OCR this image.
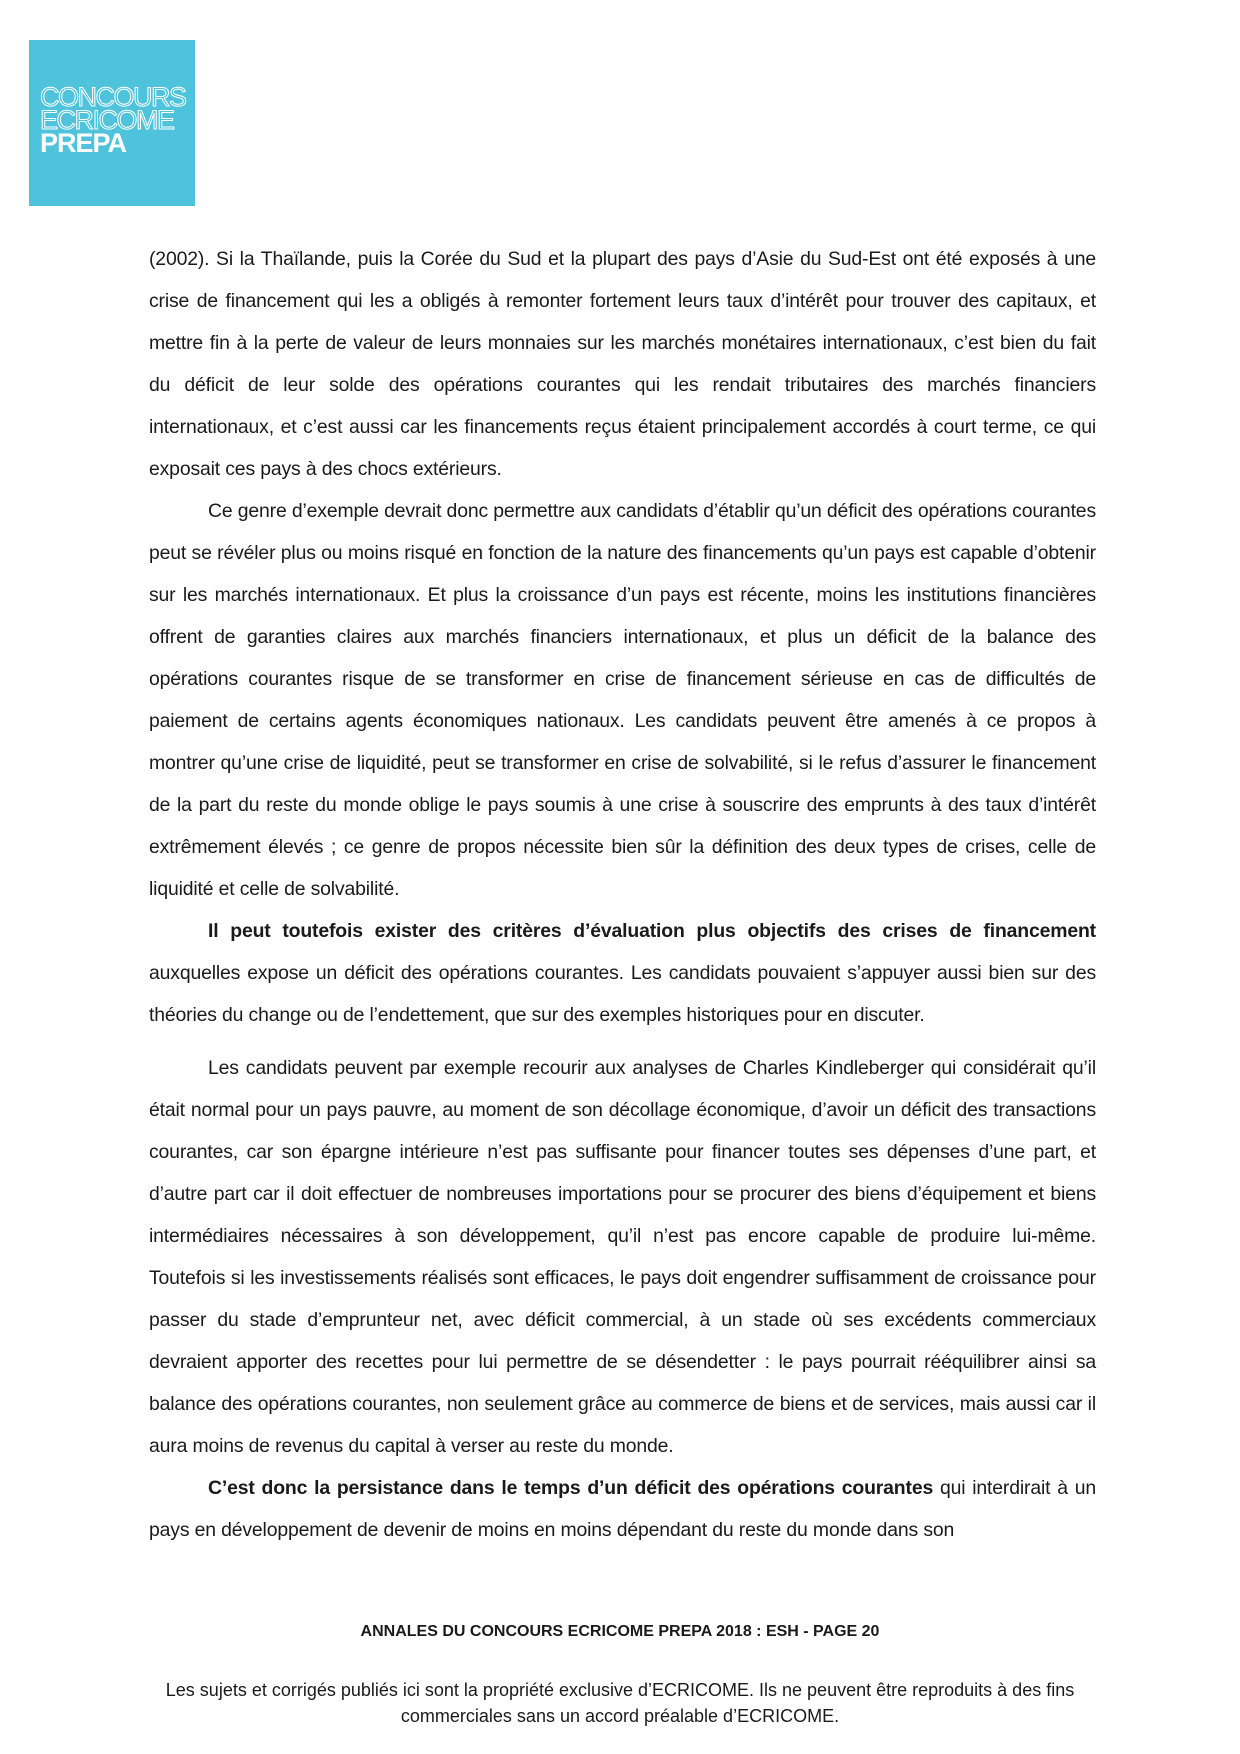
CONCOURS
ECRICOME
PREPA

(2002). Si la Thaïlande, puis la Corée du Sud et la plupart des pays d’Asie du Sud-Est ont été exposés à une crise de financement qui les a obligés à remonter fortement leurs taux d’intérêt pour trouver des capitaux, et mettre fin à la perte de valeur de leurs monnaies sur les marchés monétaires internationaux, c’est bien du fait du déficit de leur solde des opérations courantes qui les rendait tributaires des marchés financiers internationaux, et c’est aussi car les financements reçus étaient principalement accordés à court terme, ce qui exposait ces pays à des chocs extérieurs.

Ce genre d’exemple devrait donc permettre aux candidats d’établir qu’un déficit des opérations courantes peut se révéler plus ou moins risqué en fonction de la nature des financements qu’un pays est capable d’obtenir sur les marchés internationaux. Et plus la croissance d’un pays est récente, moins les institutions financières offrent de garanties claires aux marchés financiers internationaux, et plus un déficit de la balance des opérations courantes risque de se transformer en crise de financement sérieuse en cas de difficultés de paiement de certains agents économiques nationaux. Les candidats peuvent être amenés à ce propos à montrer qu’une crise de liquidité, peut se transformer en crise de solvabilité, si le refus d’assurer le financement de la part du reste du monde oblige le pays soumis à une crise à souscrire des emprunts à des taux d’intérêt extrêmement élevés ; ce genre de propos nécessite bien sûr la définition des deux types de crises, celle de liquidité et celle de solvabilité.

Il peut toutefois exister des critères d’évaluation plus objectifs des crises de financement auxquelles expose un déficit des opérations courantes. Les candidats pouvaient s’appuyer aussi bien sur des théories du change ou de l’endettement, que sur des exemples historiques pour en discuter.

Les candidats peuvent par exemple recourir aux analyses de Charles Kindleberger qui considérait qu’il était normal pour un pays pauvre, au moment de son décollage économique, d’avoir un déficit des transactions courantes, car son épargne intérieure n’est pas suffisante pour financer toutes ses dépenses d’une part, et d’autre part car il doit effectuer de nombreuses importations pour se procurer des biens d’équipement et biens intermédiaires nécessaires à son développement, qu’il n’est pas encore capable de produire lui-même. Toutefois si les investissements réalisés sont efficaces, le pays doit engendrer suffisamment de croissance pour passer du stade d’emprunteur net, avec déficit commercial, à un stade où ses excédents commerciaux devraient apporter des recettes pour lui permettre de se désendetter : le pays pourrait rééquilibrer ainsi sa balance des opérations courantes, non seulement grâce au commerce de biens et de services, mais aussi car il aura moins de revenus du capital à verser au reste du monde.

C’est donc la persistance dans le temps d’un déficit des opérations courantes qui interdirait à un pays en développement de devenir de moins en moins dépendant du reste du monde dans son

ANNALES DU CONCOURS ECRICOME PREPA 2018 : ESH - PAGE 20
Les sujets et corrigés publiés ici sont la propriété exclusive d’ECRICOME. Ils ne peuvent être reproduits à des fins commerciales sans un accord préalable d’ECRICOME.
